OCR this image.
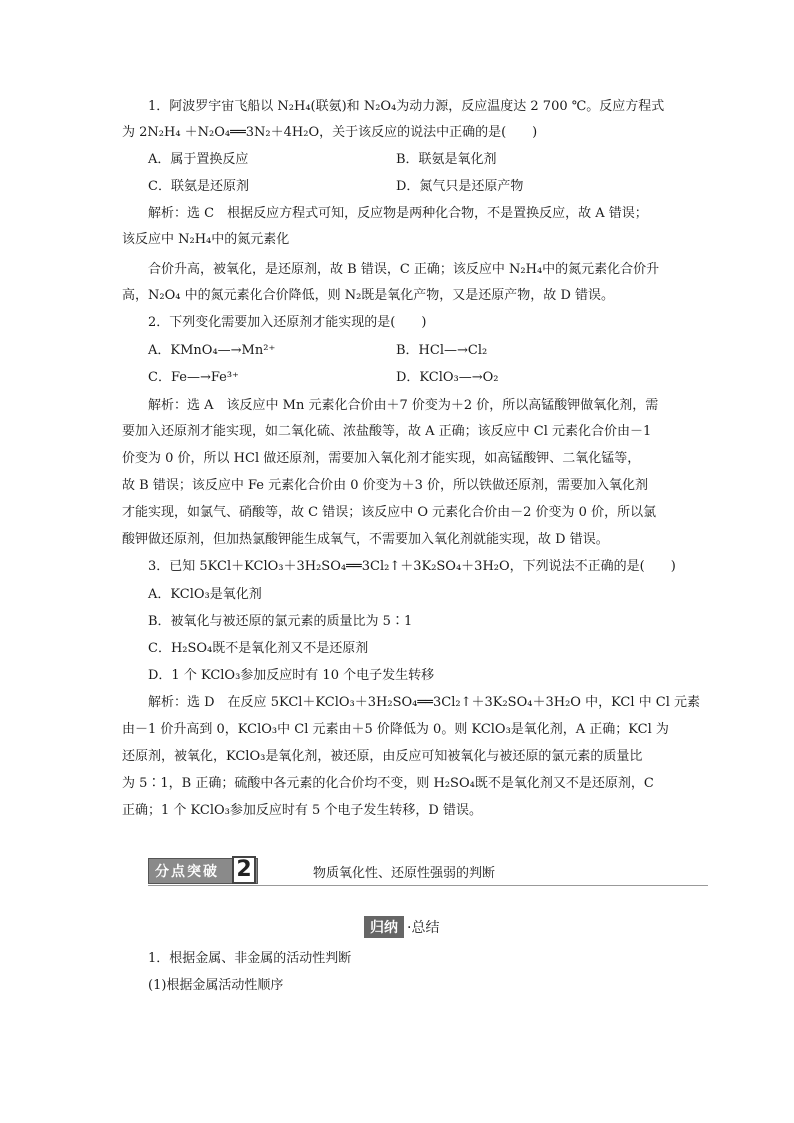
1．阿波罗宇宙飞船以 N₂H₄(联氨)和 N₂O₄为动力源，反应温度达 2 700 ℃。反应方程式
为 2N₂H₄ ＋N₂O₄══3N₂＋4H₂O，关于该反应的说法中正确的是(　　)
A．属于置换反应	B．联氨是氧化剂
C．联氨是还原剂	D．氮气只是还原产物
解析：选 C　根据反应方程式可知，反应物是两种化合物，不是置换反应，故 A 错误；
该反应中 N₂H₄中的氮元素化
合价升高，被氧化，是还原剂，故 B 错误，C 正确；该反应中 N₂H₄中的氮元素化合价升
高，N₂O₄ 中的氮元素化合价降低，则 N₂既是氧化产物，又是还原产物，故 D 错误。
2．下列变化需要加入还原剂才能实现的是(　　)
A．KMnO₄—→Mn²⁺	B．HCl—→Cl₂
C．Fe—→Fe³⁺	D．KClO₃—→O₂
解析：选 A　该反应中 Mn 元素化合价由＋7 价变为＋2 价，所以高锰酸钾做氧化剂，需
要加入还原剂才能实现，如二氧化硫、浓盐酸等，故 A 正确；该反应中 Cl 元素化合价由－1
价变为 0 价，所以 HCl 做还原剂，需要加入氧化剂才能实现，如高锰酸钾、二氧化锰等，
故 B 错误；该反应中 Fe 元素化合价由 0 价变为＋3 价，所以铁做还原剂，需要加入氧化剂
才能实现，如氯气、硝酸等，故 C 错误；该反应中 O 元素化合价由－2 价变为 0 价，所以氯
酸钾做还原剂，但加热氯酸钾能生成氧气，不需要加入氧化剂就能实现，故 D 错误。
3．已知 5KCl＋KClO₃＋3H₂SO₄══3Cl₂↑＋3K₂SO₄＋3H₂O，下列说法不正确的是(　　)
A．KClO₃是氧化剂
B．被氧化与被还原的氯元素的质量比为 5∶1
C．H₂SO₄既不是氧化剂又不是还原剂
D．1 个 KClO₃参加反应时有 10 个电子发生转移
解析：选 D　在反应 5KCl＋KClO₃＋3H₂SO₄══3Cl₂↑＋3K₂SO₄＋3H₂O 中，KCl 中 Cl 元素
由－1 价升高到 0，KClO₃中 Cl 元素由＋5 价降低为 0。则 KClO₃是氧化剂，A 正确；KCl 为
还原剂，被氧化，KClO₃是氧化剂，被还原，由反应可知被氧化与被还原的氯元素的质量比
为 5∶1，B 正确；硫酸中各元素的化合价均不变，则 H₂SO₄既不是氧化剂又不是还原剂，C
正确；1 个 KClO₃参加反应时有 5 个电子发生转移，D 错误。
分点突破 2	物质氧化性、还原性强弱的判断
归纳 ·总结
1．根据金属、非金属的活动性判断
(1)根据金属活动性顺序
